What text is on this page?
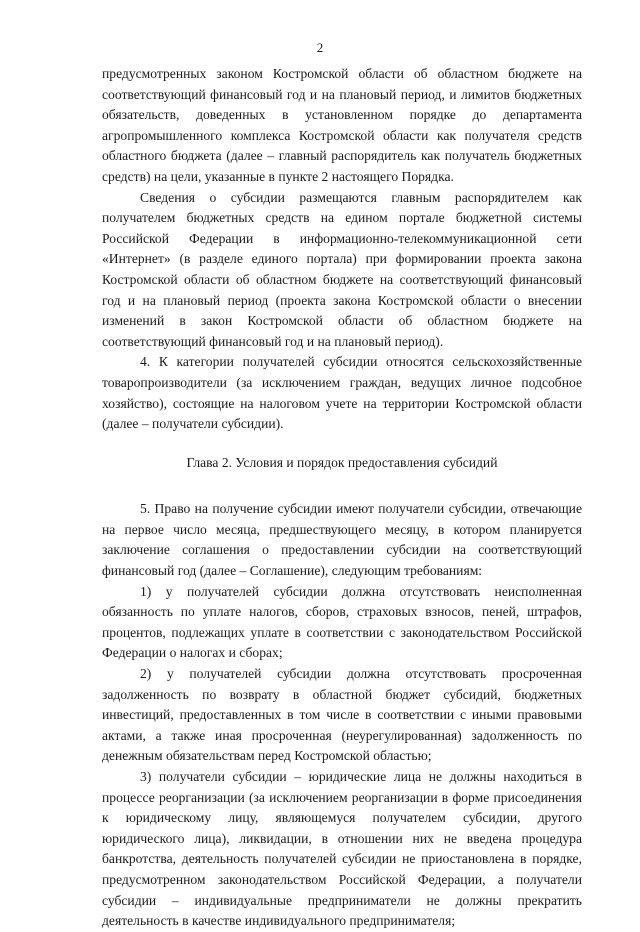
2

предусмотренных законом Костромской области об областном бюджете на соответствующий финансовый год и на плановый период, и лимитов бюджетных обязательств, доведенных в установленном порядке до департамента агропромышленного комплекса Костромской области как получателя средств областного бюджета (далее – главный распорядитель как получатель бюджетных средств) на цели, указанные в пункте 2 настоящего Порядка.

Сведения о субсидии размещаются главным распорядителем как получателем бюджетных средств на едином портале бюджетной системы Российской Федерации в информационно-телекоммуникационной сети «Интернет» (в разделе единого портала) при формировании проекта закона Костромской области об областном бюджете на соответствующий финансовый год и на плановый период (проекта закона Костромской области о внесении изменений в закон Костромской области об областном бюджете на соответствующий финансовый год и на плановый период).

4. К категории получателей субсидии относятся сельскохозяйственные товаропроизводители (за исключением граждан, ведущих личное подсобное хозяйство), состоящие на налоговом учете на территории Костромской области (далее – получатели субсидии).

Глава 2. Условия и порядок предоставления субсидий

5. Право на получение субсидии имеют получатели субсидии, отвечающие на первое число месяца, предшествующего месяцу, в котором планируется заключение соглашения о предоставлении субсидии на соответствующий финансовый год (далее – Соглашение), следующим требованиям:

1) у получателей субсидии должна отсутствовать неисполненная обязанность по уплате налогов, сборов, страховых взносов, пеней, штрафов, процентов, подлежащих уплате в соответствии с законодательством Российской Федерации о налогах и сборах;

2) у получателей субсидии должна отсутствовать просроченная задолженность по возврату в областной бюджет субсидий, бюджетных инвестиций, предоставленных в том числе в соответствии с иными правовыми актами, а также иная просроченная (неурегулированная) задолженность по денежным обязательствам перед Костромской областью;

3) получатели субсидии – юридические лица не должны находиться в процессе реорганизации (за исключением реорганизации в форме присоединения к юридическому лицу, являющемуся получателем субсидии, другого юридического лица), ликвидации, в отношении них не введена процедура банкротства, деятельность получателей субсидии не приостановлена в порядке, предусмотренном законодательством Российской Федерации, а получатели субсидии – индивидуальные предприниматели не должны прекратить деятельность в качестве индивидуального предпринимателя;
